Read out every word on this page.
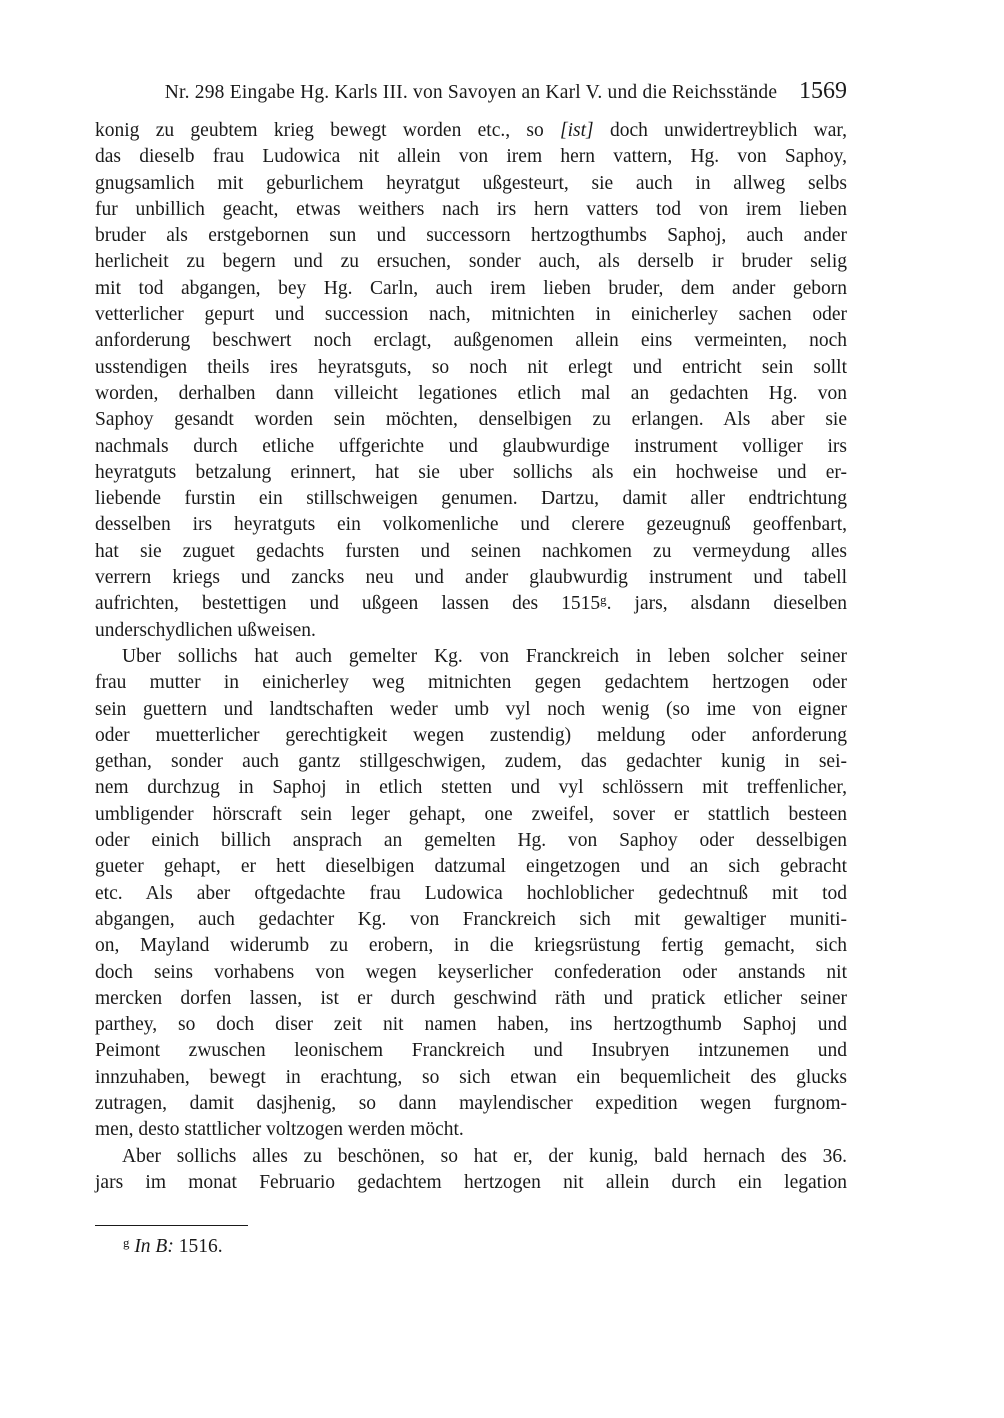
Nr. 298 Eingabe Hg. Karls III. von Savoyen an Karl V. und die Reichsstände 1569
konig zu geubtem krieg bewegt worden etc., so [ist] doch unwidertreyblich war,
das dieselb frau Ludowica nit allein von irem hern vattern, Hg. von Saphoy,
gnugsamlich mit geburlichem heyratgut ußgesteurt, sie auch in allweg selbs
fur unbillich geacht, etwas weithers nach irs hern vatters tod von irem lieben
bruder als erstgebornen sun und successorn hertzogthumbs Saphoj, auch ander
herlicheit zu begern und zu ersuchen, sonder auch, als derselb ir bruder selig
mit tod abgangen, bey Hg. Carln, auch irem lieben bruder, dem ander geborn
vetterlicher gepurt und succession nach, mitnichten in einicherley sachen oder
anforderung beschwert noch erclagt, außgenomen allein eins vermeinten, noch
usstendigen theils ires heyratsguts, so noch nit erlegt und entricht sein sollt
worden, derhalben dann villeicht legationes etlich mal an gedachten Hg. von
Saphoy gesandt worden sein möchten, denselbigen zu erlangen. Als aber sie
nachmals durch etliche uffgerichte und glaubwurdige instrument volliger irs
heyratguts betzalung erinnert, hat sie uber sollichs als ein hochweise und er-
liebende furstin ein stillschweigen genumen. Dartzu, damit aller endtrichtung
desselben irs heyratguts ein volkomenliche und clerere gezeugnuß geoffenbart,
hat sie zuguet gedachts fursten und seinen nachkomen zu vermeydung alles
verrern kriegs und zancks neu und ander glaubwurdig instrument und tabell
aufrichten, bestettigen und ußgeen lassen des 1515$^g$. jars, alsdann dieselben
underschydlichen ußweisen.
Uber sollichs hat auch gemelter Kg. von Franckreich in leben solcher seiner
frau mutter in einicherley weg mitnichten gegen gedachtem hertzogen oder
sein guettern und landtschaften weder umb vyl noch wenig (so ime von eigner
oder muetterlicher gerechtigkeit wegen zustendig) meldung oder anforderung
gethan, sonder auch gantz stillgeschwigen, zudem, das gedachter kunig in sei-
nem durchzug in Saphoj in etlich stetten und vyl schlössern mit treffenlicher,
umbligender hörscraft sein leger gehapt, one zweifel, sover er stattlich besteen
oder einich billich ansprach an gemelten Hg. von Saphoy oder desselbigen
gueter gehapt, er hett dieselbigen datzumal eingetzogen und an sich gebracht
etc. Als aber oftgedachte frau Ludowica hochloblicher gedechtnuß mit tod
abgangen, auch gedachter Kg. von Franckreich sich mit gewaltiger muniti-
on, Mayland widerumb zu erobern, in die kriegsrüstung fertig gemacht, sich
doch seins vorhabens von wegen keyserlicher confederation oder anstands nit
mercken dorfen lassen, ist er durch geschwind räth und pratick etlicher seiner
parthey, so doch diser zeit nit namen haben, ins hertzogthumb Saphoj und
Peimont zwuschen leonischem Franckreich und Insubryen intzunemen und
innzuhaben, bewegt in erachtung, so sich etwan ein bequemlicheit des glucks
zutragen, damit dasjhenig, so dann maylendischer expedition wegen furgnom-
men, desto stattlicher voltzogen werden möcht.
Aber sollichs alles zu beschönen, so hat er, der kunig, bald hernach des 36.
jars im monat Februario gedachtem hertzogen nit allein durch ein legation
$^g$ In B: 1516.
